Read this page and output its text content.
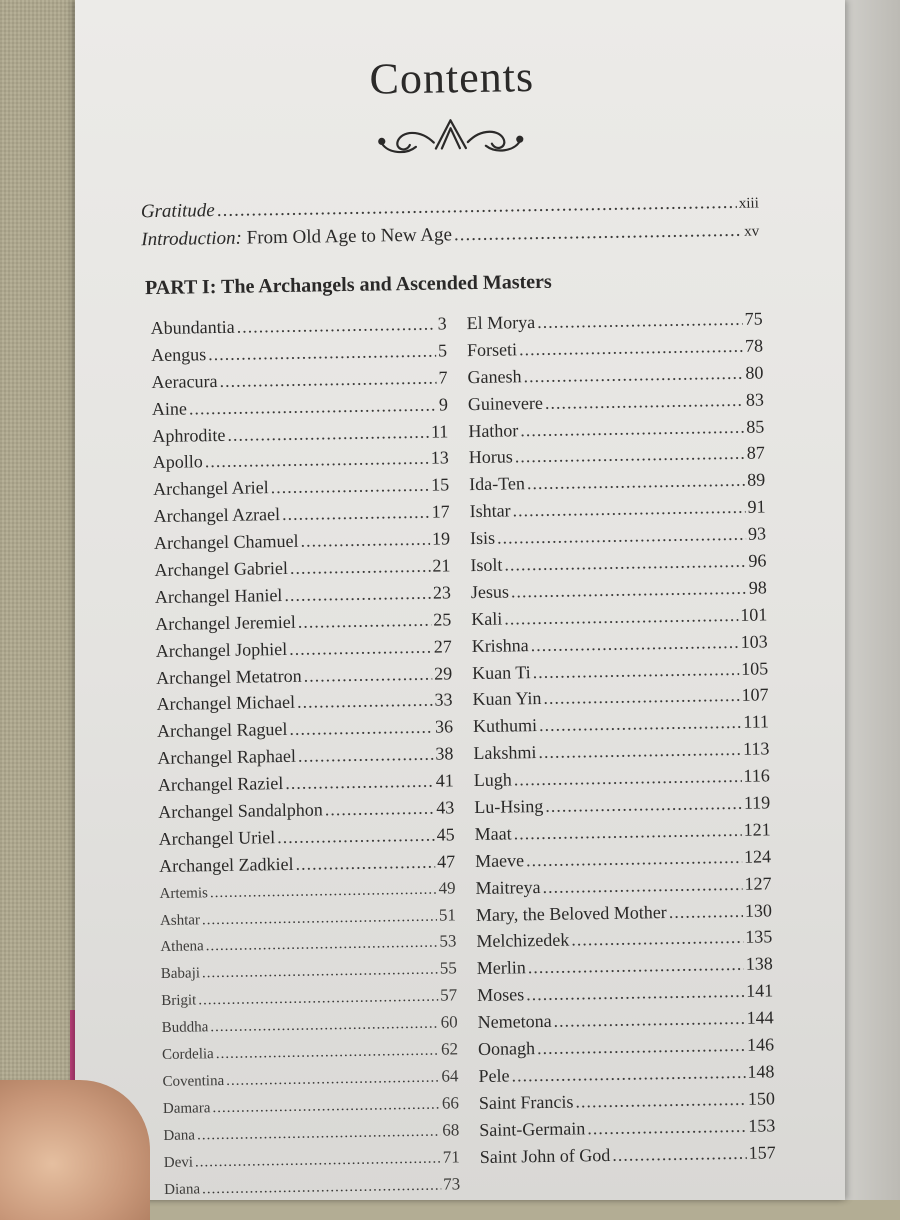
Contents
Gratitude .....	xiii
Introduction: From Old Age to New Age .....	xv
PART I: The Archangels and Ascended Masters
Abundantia .....	3
Aengus .....	5
Aeracura .....	7
Aine .....	9
Aphrodite .....	11
Apollo .....	13
Archangel Ariel .....	15
Archangel Azrael .....	17
Archangel Chamuel .....	19
Archangel Gabriel .....	21
Archangel Haniel .....	23
Archangel Jeremiel .....	25
Archangel Jophiel .....	27
Archangel Metatron .....	29
Archangel Michael .....	33
Archangel Raguel .....	36
Archangel Raphael .....	38
Archangel Raziel .....	41
Archangel Sandalphon .....	43
Archangel Uriel .....	45
Archangel Zadkiel .....	47
Artemis .....	49
Ashtar .....	51
Athena .....	53
Babaji .....	55
Brigit .....	57
Buddha .....	60
Cordelia .....	62
Coventina .....	64
Damara .....	66
Dana .....	68
Devi .....	71
Diana .....	73
El Morya .....	75
Forseti .....	78
Ganesh .....	80
Guinevere .....	83
Hathor .....	85
Horus .....	87
Ida-Ten .....	89
Ishtar .....	91
Isis .....	93
Isolt .....	96
Jesus .....	98
Kali .....	101
Krishna .....	103
Kuan Ti .....	105
Kuan Yin .....	107
Kuthumi .....	111
Lakshmi .....	113
Lugh .....	116
Lu-Hsing .....	119
Maat .....	121
Maeve .....	124
Maitreya .....	127
Mary, the Beloved Mother .....	130
Melchizedek .....	135
Merlin .....	138
Moses .....	141
Nemetona .....	144
Oonagh .....	146
Pele .....	148
Saint Francis .....	150
Saint-Germain .....	153
Saint John of God .....	157
